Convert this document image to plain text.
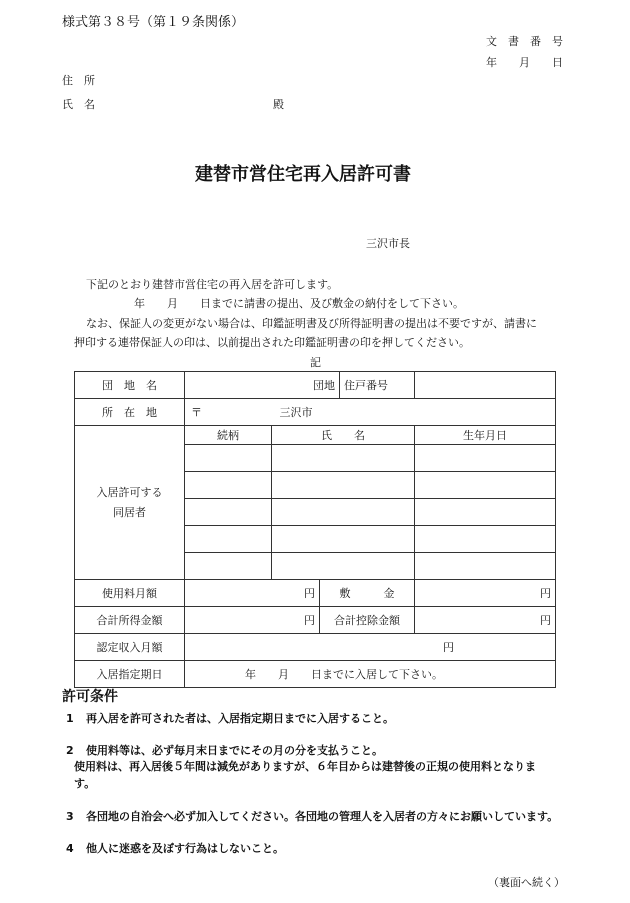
様式第３８号（第１９条関係）
文　書　番　号
年　　月　　日
住　所
氏　名	殿
建替市営住宅再入居許可書
三沢市長
下記のとおり建替市営住宅の再入居を許可します。
年　　月　　日までに請書の提出、及び敷金の納付をして下さい。
なお、保証人の変更がない場合は、印鑑証明書及び所得証明書の提出は不要ですが、請書に
押印する連帯保証人の印は、以前提出された印鑑証明書の印を押してください。
記
団　地　名	団地			住戸番号	
所　在　地	〒 三沢市				

入居許可する
同居者	続柄	氏　　名			生年月日

使用料月額	円		敷　　　金		円
合計所得金額	円		合計控除金額		円
認定収入月額	円				
入居指定期日	年　　月　　日までに入居して下さい。				
許可条件
1 再入居を許可された者は、入居指定期日までに入居すること。
2 使用料等は、必ず毎月末日までにその月の分を支払うこと。
使用料は、再入居後５年間は減免がありますが、６年目からは建替後の正規の使用料となりま
す。
3 各団地の自治会へ必ず加入してください。各団地の管理人を入居者の方々にお願いしています。
4 他人に迷惑を及ぼす行為はしないこと。
（裏面へ続く）
